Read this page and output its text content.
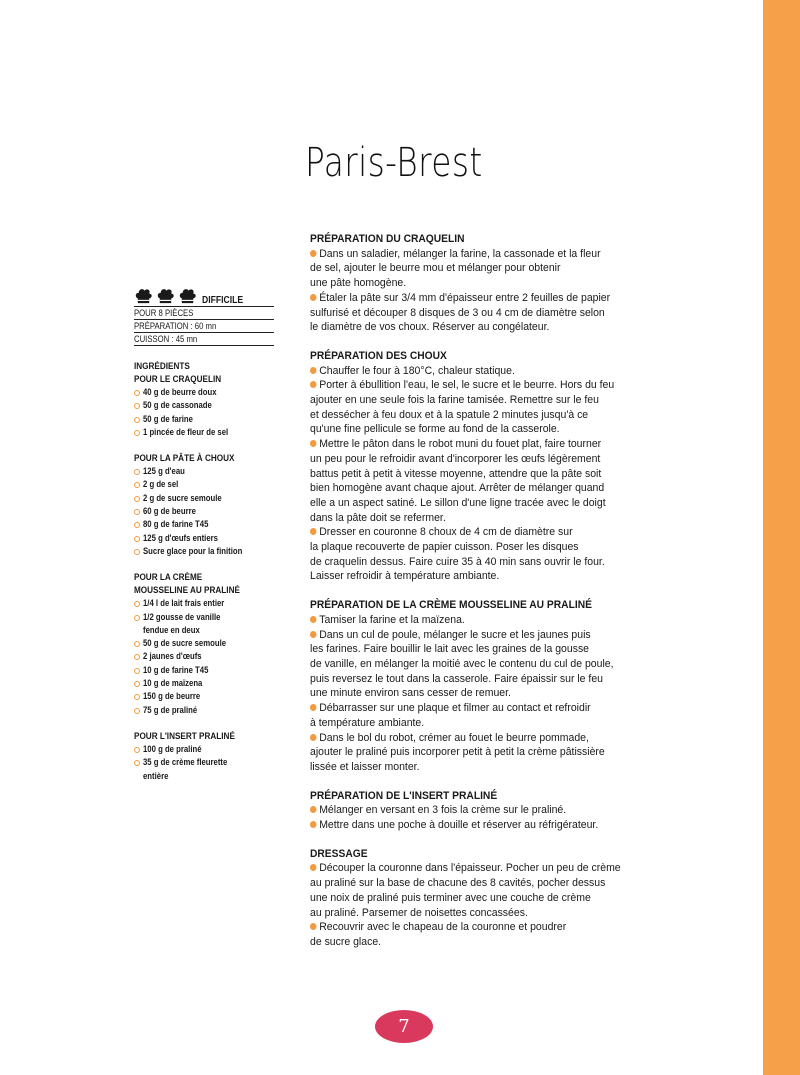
Paris-Brest
DIFFICILE
POUR 8 PIÈCES
PRÉPARATION : 60 mn
CUISSON : 45 mn
INGRÉDIENTS
POUR LE CRAQUELIN
40 g de beurre doux
50 g de cassonade
50 g de farine
1 pincée de fleur de sel
POUR LA PÂTE À CHOUX
125 g d'eau
2 g de sel
2 g de sucre semoule
60 g de beurre
80 g de farine T45
125 g d'œufs entiers
Sucre glace pour la finition
POUR LA CRÈME
MOUSSELINE AU PRALINÉ
1/4 l de lait frais entier
1/2 gousse de vanille
fendue en deux
50 g de sucre semoule
2 jaunes d'œufs
10 g de farine T45
10 g de maïzena
150 g de beurre
75 g de praliné
POUR L'INSERT PRALINÉ
100 g de praliné
35 g de crème fleurette
entière
PRÉPARATION DU CRAQUELIN
Dans un saladier, mélanger la farine, la cassonade et la fleur
de sel, ajouter le beurre mou et mélanger pour obtenir
une pâte homogène.
Étaler la pâte sur 3/4 mm d'épaisseur entre 2 feuilles de papier
sulfurisé et découper 8 disques de 3 ou 4 cm de diamètre selon
le diamètre de vos choux. Réserver au congélateur.
PRÉPARATION DES CHOUX
Chauffer le four à 180°C, chaleur statique.
Porter à ébullition l'eau, le sel, le sucre et le beurre. Hors du feu
ajouter en une seule fois la farine tamisée. Remettre sur le feu
et dessécher à feu doux et à la spatule 2 minutes jusqu'à ce
qu'une fine pellicule se forme au fond de la casserole.
Mettre le pâton dans le robot muni du fouet plat, faire tourner
un peu pour le refroidir avant d'incorporer les œufs légèrement
battus petit à petit à vitesse moyenne, attendre que la pâte soit
bien homogène avant chaque ajout. Arrêter de mélanger quand
elle a un aspect satiné. Le sillon d'une ligne tracée avec le doigt
dans la pâte doit se refermer.
Dresser en couronne 8 choux de 4 cm de diamètre sur
la plaque recouverte de papier cuisson. Poser les disques
de craquelin dessus. Faire cuire 35 à 40 min sans ouvrir le four.
Laisser refroidir à température ambiante.
PRÉPARATION DE LA CRÈME MOUSSELINE AU PRALINÉ
Tamiser la farine et la maïzena.
Dans un cul de poule, mélanger le sucre et les jaunes puis
les farines. Faire bouillir le lait avec les graines de la gousse
de vanille, en mélanger la moitié avec le contenu du cul de poule,
puis reversez le tout dans la casserole. Faire épaissir sur le feu
une minute environ sans cesser de remuer.
Débarrasser sur une plaque et filmer au contact et refroidir
à température ambiante.
Dans le bol du robot, crémer au fouet le beurre pommade,
ajouter le praliné puis incorporer petit à petit la crème pâtissière
lissée et laisser monter.
PRÉPARATION DE L'INSERT PRALINÉ
Mélanger en versant en 3 fois la crème sur le praliné.
Mettre dans une poche à douille et réserver au réfrigérateur.
DRESSAGE
Découper la couronne dans l'épaisseur. Pocher un peu de crème
au praliné sur la base de chacune des 8 cavités, pocher dessus
une noix de praliné puis terminer avec une couche de crème
au praliné. Parsemer de noisettes concassées.
Recouvrir avec le chapeau de la couronne et poudrer
de sucre glace.
7
